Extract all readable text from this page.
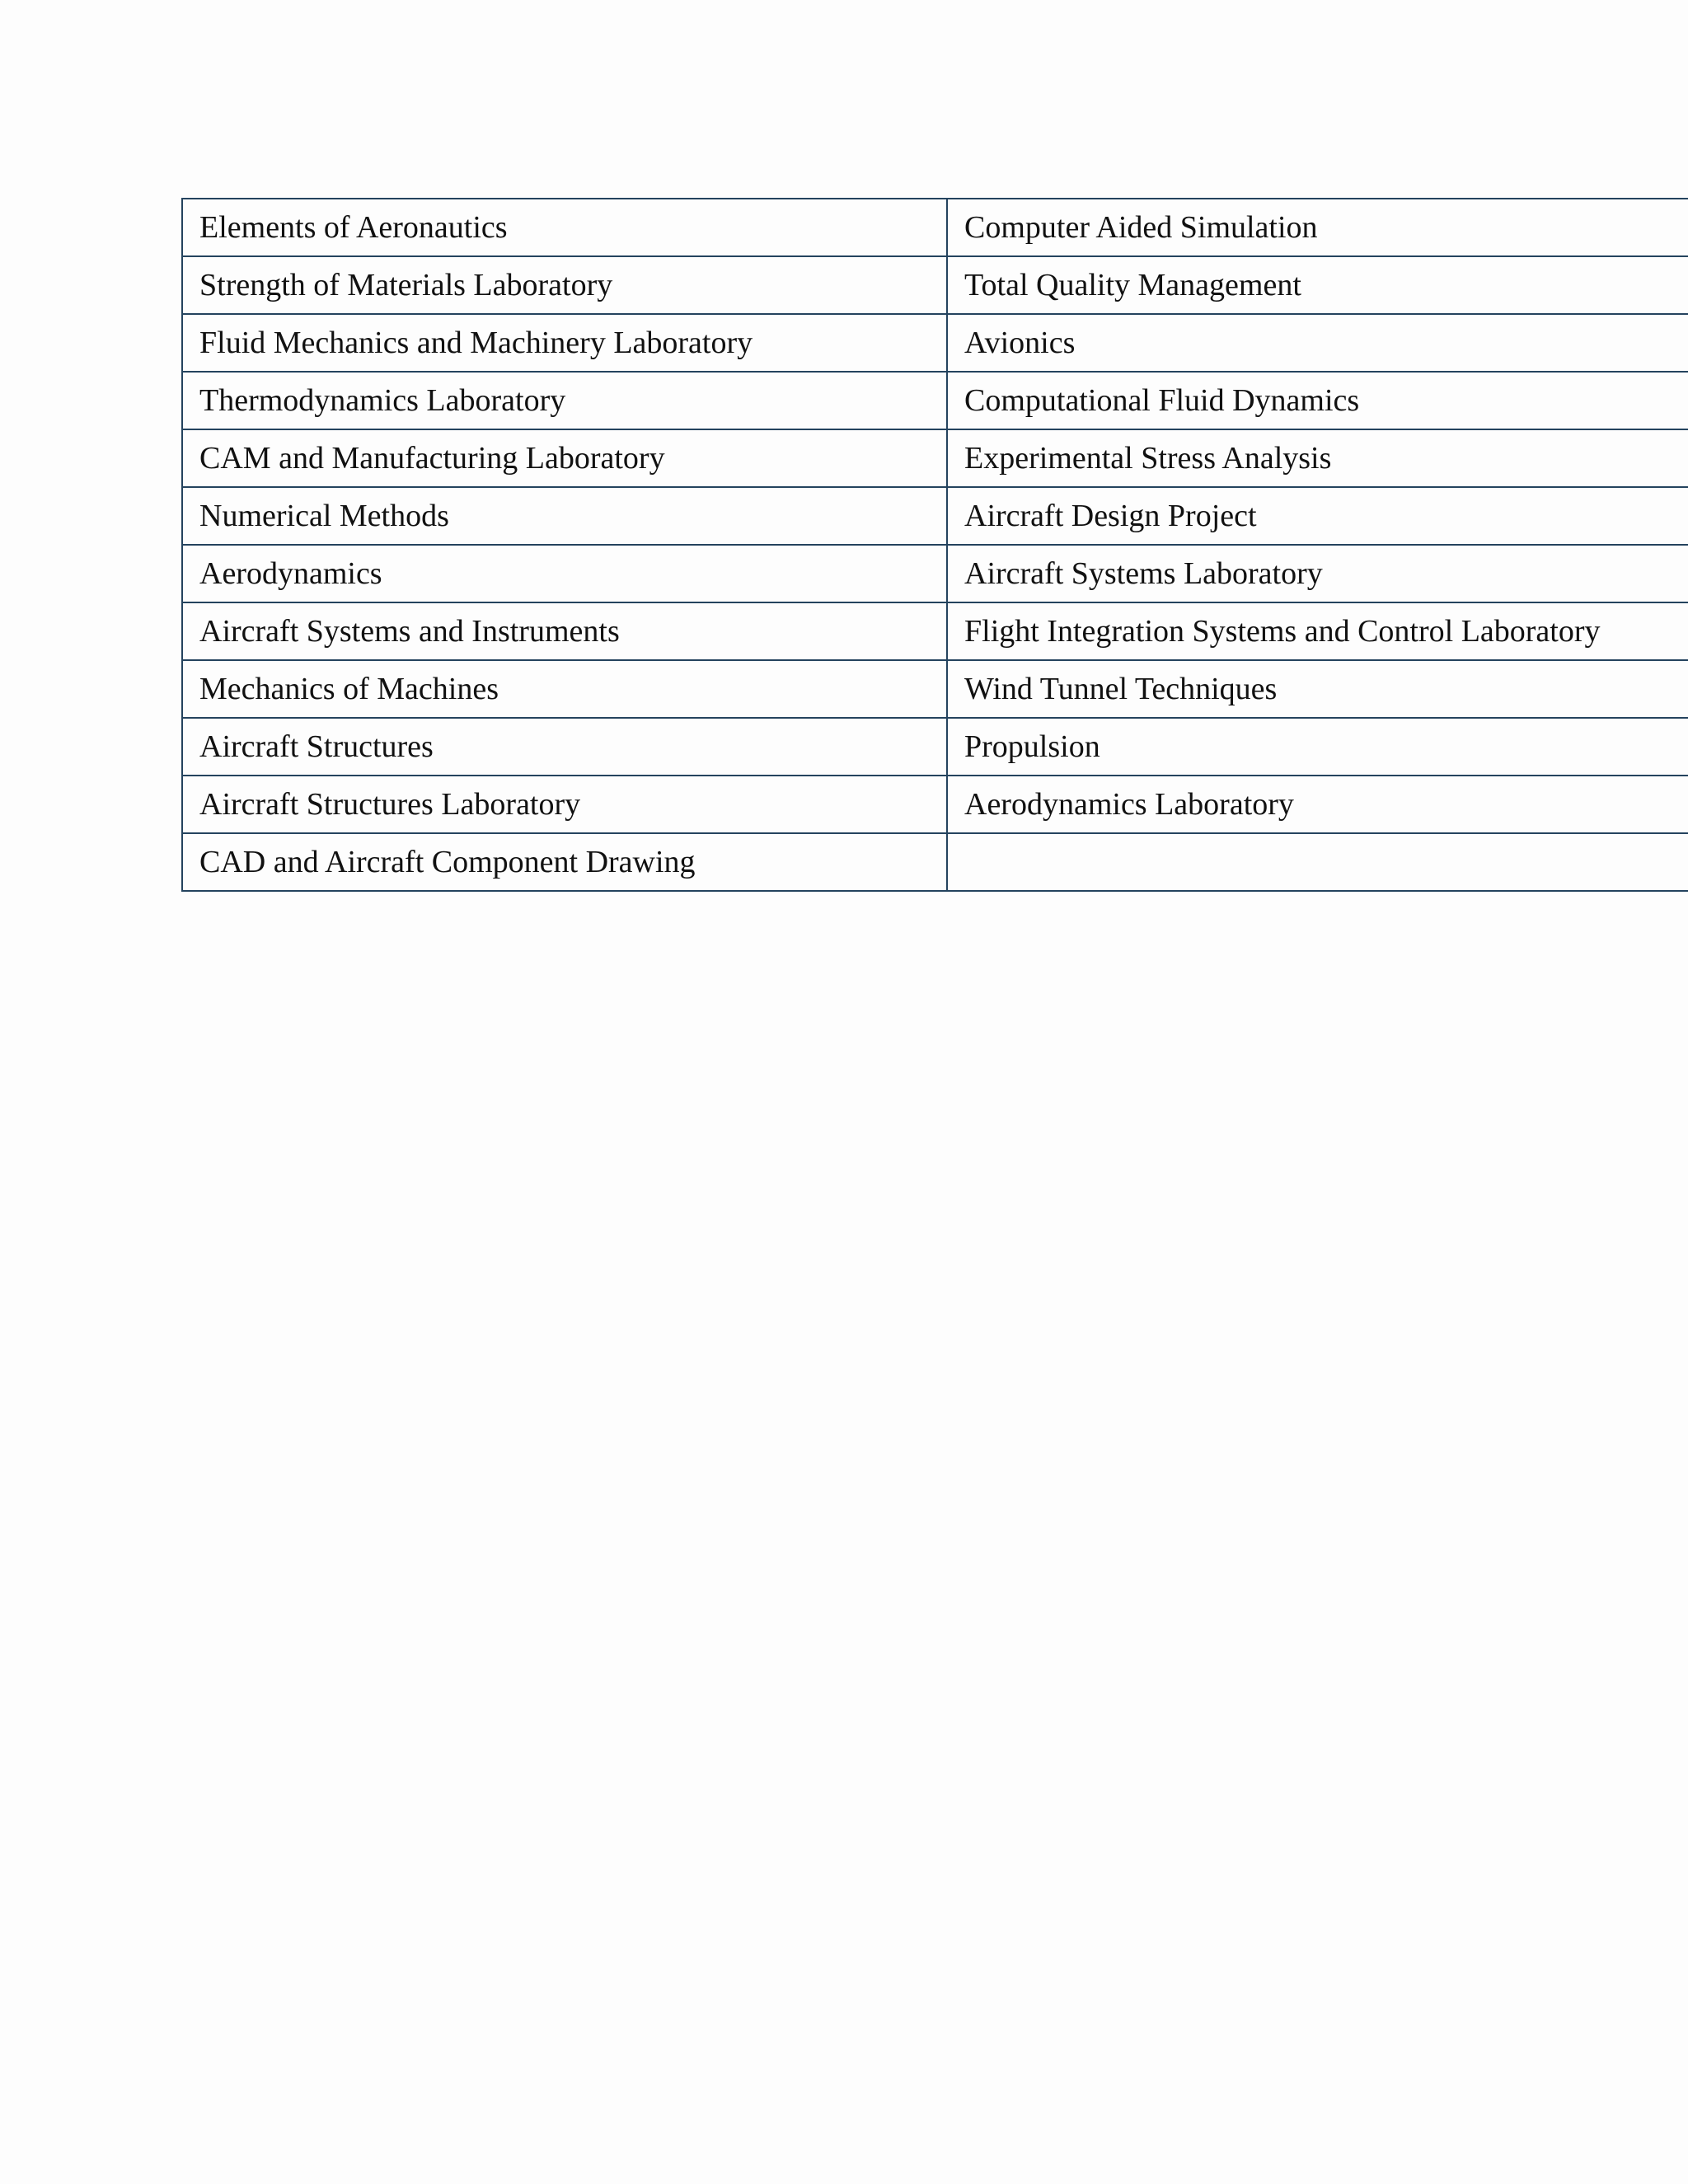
Elements of Aeronautics	Computer Aided Simulation
Strength of Materials Laboratory	Total Quality Management
Fluid Mechanics and Machinery Laboratory	Avionics
Thermodynamics Laboratory	Computational Fluid Dynamics
CAM and Manufacturing Laboratory	Experimental Stress Analysis
Numerical Methods	Aircraft Design Project
Aerodynamics	Aircraft Systems Laboratory
Aircraft Systems and Instruments	Flight Integration Systems and Control Laboratory
Mechanics of Machines	Wind Tunnel Techniques
Aircraft Structures	Propulsion
Aircraft Structures Laboratory	Aerodynamics Laboratory
CAD and Aircraft Component Drawing	
